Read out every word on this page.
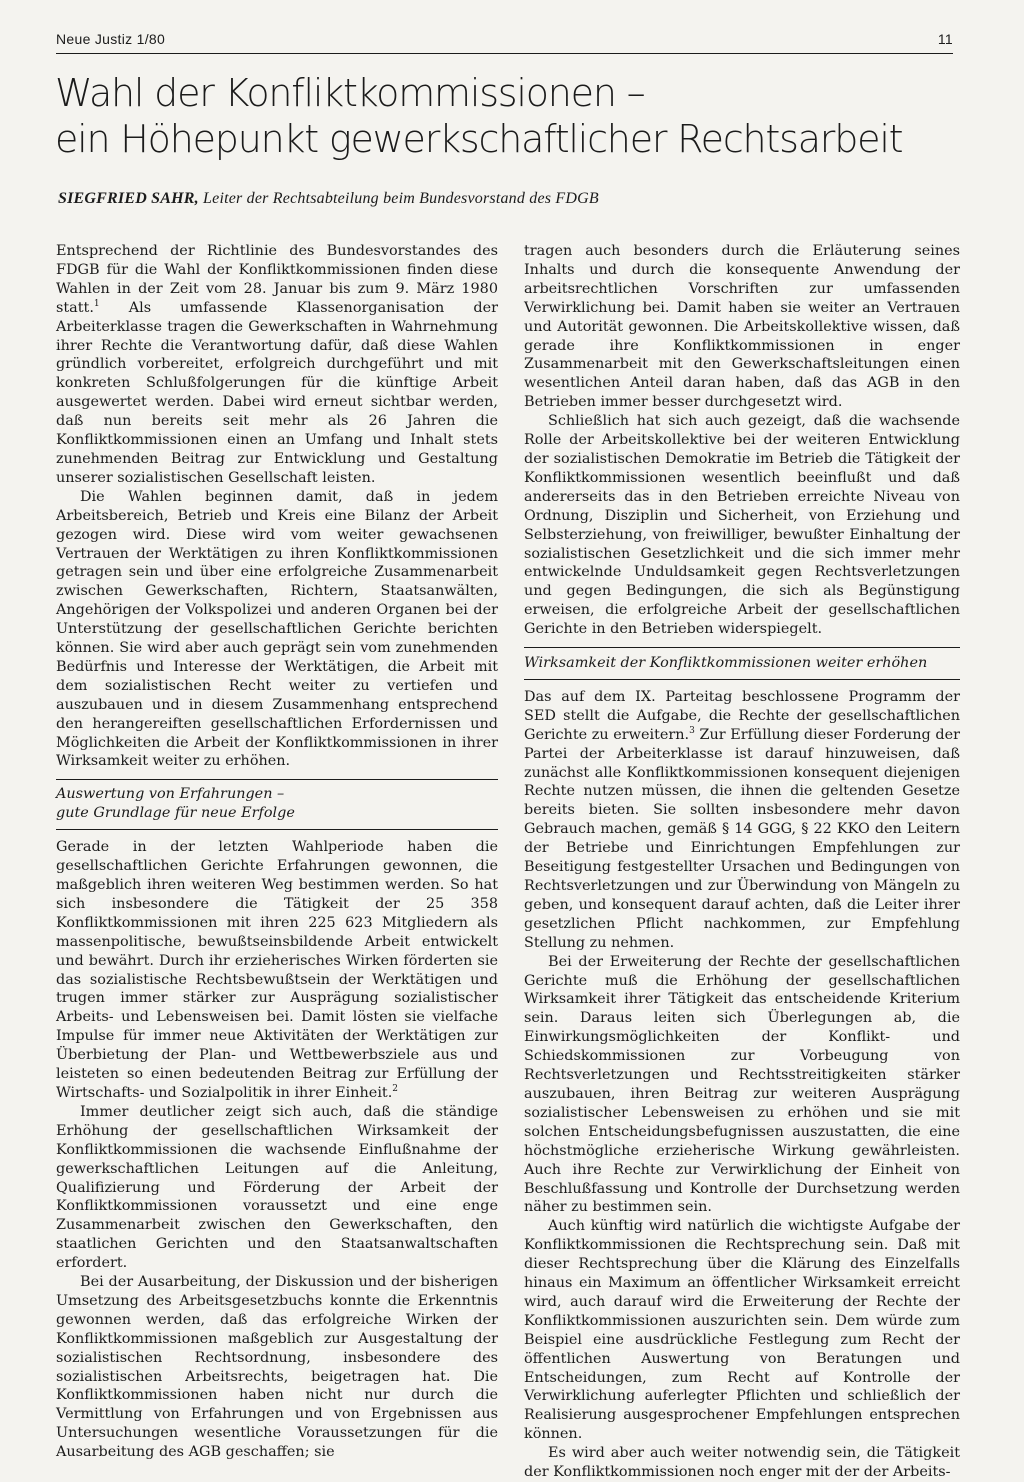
Neue Justiz 1/80	11
Wahl der Konfliktkommissionen –
ein Höhepunkt gewerkschaftlicher Rechtsarbeit
SIEGFRIED SAHR, Leiter der Rechtsabteilung beim Bundesvorstand des FDGB

Entsprechend der Richtlinie des Bundesvorstandes des FDGB für die Wahl der Konfliktkommissionen finden diese Wahlen in der Zeit vom 28. Januar bis zum 9. März 1980 statt.$^1$ Als umfassende Klassenorganisation der Arbeiterklasse tragen die Gewerkschaften in Wahrnehmung ihrer Rechte die Verantwortung dafür, daß diese Wahlen gründlich vorbereitet, erfolgreich durchgeführt und mit konkreten Schlußfolgerungen für die künftige Arbeit ausgewertet werden. Dabei wird erneut sichtbar werden, daß nun bereits seit mehr als 26 Jahren die Konfliktkommissionen einen an Umfang und Inhalt stets zunehmenden Beitrag zur Entwicklung und Gestaltung unserer sozialistischen Gesellschaft leisten.

Die Wahlen beginnen damit, daß in jedem Arbeitsbereich, Betrieb und Kreis eine Bilanz der Arbeit gezogen wird. Diese wird vom weiter gewachsenen Vertrauen der Werktätigen zu ihren Konfliktkommissionen getragen sein und über eine erfolgreiche Zusammenarbeit zwischen Gewerkschaften, Richtern, Staatsanwälten, Angehörigen der Volkspolizei und anderen Organen bei der Unterstützung der gesellschaftlichen Gerichte berichten können. Sie wird aber auch geprägt sein vom zunehmenden Bedürfnis und Interesse der Werktätigen, die Arbeit mit dem sozialistischen Recht weiter zu vertiefen und auszubauen und in diesem Zusammenhang entsprechend den herangereiften gesellschaftlichen Erfordernissen und Möglichkeiten die Arbeit der Konfliktkommissionen in ihrer Wirksamkeit weiter zu erhöhen.

Auswertung von Erfahrungen –
gute Grundlage für neue Erfolge

Gerade in der letzten Wahlperiode haben die gesellschaftlichen Gerichte Erfahrungen gewonnen, die maßgeblich ihren weiteren Weg bestimmen werden. So hat sich insbesondere die Tätigkeit der 25 358 Konfliktkommissionen mit ihren 225 623 Mitgliedern als massenpolitische, bewußtseinsbildende Arbeit entwickelt und bewährt. Durch ihr erzieherisches Wirken förderten sie das sozialistische Rechtsbewußtsein der Werktätigen und trugen immer stärker zur Ausprägung sozialistischer Arbeits- und Lebensweisen bei. Damit lösten sie vielfache Impulse für immer neue Aktivitäten der Werktätigen zur Überbietung der Plan- und Wettbewerbsziele aus und leisteten so einen bedeutenden Beitrag zur Erfüllung der Wirtschafts- und Sozialpolitik in ihrer Einheit.$^2$

Immer deutlicher zeigt sich auch, daß die ständige Erhöhung der gesellschaftlichen Wirksamkeit der Konfliktkommissionen die wachsende Einflußnahme der gewerkschaftlichen Leitungen auf die Anleitung, Qualifizierung und Förderung der Arbeit der Konfliktkommissionen voraussetzt und eine enge Zusammenarbeit zwischen den Gewerkschaften, den staatlichen Gerichten und den Staatsanwaltschaften erfordert.

Bei der Ausarbeitung, der Diskussion und der bisherigen Umsetzung des Arbeitsgesetzbuchs konnte die Erkenntnis gewonnen werden, daß das erfolgreiche Wirken der Konfliktkommissionen maßgeblich zur Ausgestaltung der sozialistischen Rechtsordnung, insbesondere des sozialistischen Arbeitsrechts, beigetragen hat. Die Konfliktkommissionen haben nicht nur durch die Vermittlung von Erfahrungen und von Ergebnissen aus Untersuchungen wesentliche Voraussetzungen für die Ausarbeitung des AGB geschaffen; sie

tragen auch besonders durch die Erläuterung seines Inhalts und durch die konsequente Anwendung der arbeitsrechtlichen Vorschriften zur umfassenden Verwirklichung bei. Damit haben sie weiter an Vertrauen und Autorität gewonnen. Die Arbeitskollektive wissen, daß gerade ihre Konfliktkommissionen in enger Zusammenarbeit mit den Gewerkschaftsleitungen einen wesentlichen Anteil daran haben, daß das AGB in den Betrieben immer besser durchgesetzt wird.

Schließlich hat sich auch gezeigt, daß die wachsende Rolle der Arbeitskollektive bei der weiteren Entwicklung der sozialistischen Demokratie im Betrieb die Tätigkeit der Konfliktkommissionen wesentlich beeinflußt und daß andererseits das in den Betrieben erreichte Niveau von Ordnung, Disziplin und Sicherheit, von Erziehung und Selbsterziehung, von freiwilliger, bewußter Einhaltung der sozialistischen Gesetzlichkeit und die sich immer mehr entwickelnde Unduldsamkeit gegen Rechtsverletzungen und gegen Bedingungen, die sich als Begünstigung erweisen, die erfolgreiche Arbeit der gesellschaftlichen Gerichte in den Betrieben widerspiegelt.

Wirksamkeit der Konfliktkommissionen weiter erhöhen

Das auf dem IX. Parteitag beschlossene Programm der SED stellt die Aufgabe, die Rechte der gesellschaftlichen Gerichte zu erweitern.$^3$ Zur Erfüllung dieser Forderung der Partei der Arbeiterklasse ist darauf hinzuweisen, daß zunächst alle Konfliktkommissionen konsequent diejenigen Rechte nutzen müssen, die ihnen die geltenden Gesetze bereits bieten. Sie sollten insbesondere mehr davon Gebrauch machen, gemäß § 14 GGG, § 22 KKO den Leitern der Betriebe und Einrichtungen Empfehlungen zur Beseitigung festgestellter Ursachen und Bedingungen von Rechtsverletzungen und zur Überwindung von Mängeln zu geben, und konsequent darauf achten, daß die Leiter ihrer gesetzlichen Pflicht nachkommen, zur Empfehlung Stellung zu nehmen.

Bei der Erweiterung der Rechte der gesellschaftlichen Gerichte muß die Erhöhung der gesellschaftlichen Wirksamkeit ihrer Tätigkeit das entscheidende Kriterium sein. Daraus leiten sich Überlegungen ab, die Einwirkungsmöglichkeiten der Konflikt- und Schiedskommissionen zur Vorbeugung von Rechtsverletzungen und Rechtsstreitigkeiten stärker auszubauen, ihren Beitrag zur weiteren Ausprägung sozialistischer Lebensweisen zu erhöhen und sie mit solchen Entscheidungsbefugnissen auszustatten, die eine höchstmögliche erzieherische Wirkung gewährleisten. Auch ihre Rechte zur Verwirklichung der Einheit von Beschlußfassung und Kontrolle der Durchsetzung werden näher zu bestimmen sein.

Auch künftig wird natürlich die wichtigste Aufgabe der Konfliktkommissionen die Rechtsprechung sein. Daß mit dieser Rechtsprechung über die Klärung des Einzelfalls hinaus ein Maximum an öffentlicher Wirksamkeit erreicht wird, auch darauf wird die Erweiterung der Rechte der Konfliktkommissionen auszurichten sein. Dem würde zum Beispiel eine ausdrückliche Festlegung zum Recht der öffentlichen Auswertung von Beratungen und Entscheidungen, zum Recht auf Kontrolle der Verwirklichung auferlegter Pflichten und schließlich der Realisierung ausgesprochener Empfehlungen entsprechen können.

Es wird aber auch weiter notwendig sein, die Tätigkeit der Konfliktkommissionen noch enger mit der der Arbeits-
